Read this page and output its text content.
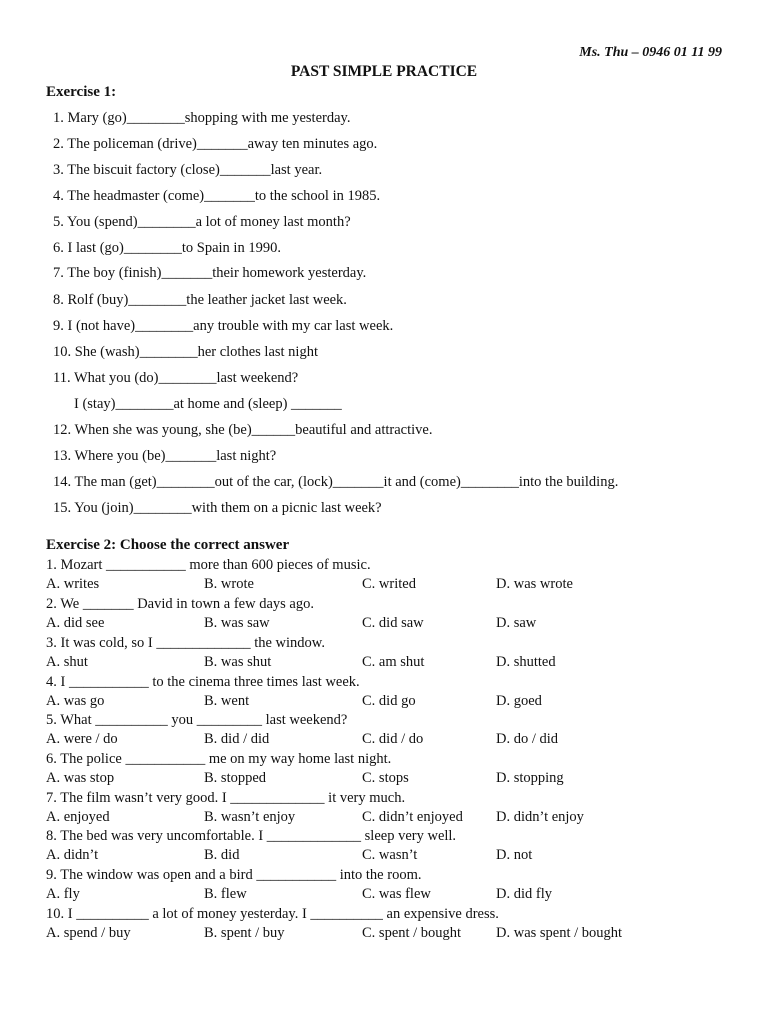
Ms. Thu – 0946 01 11 99
PAST SIMPLE PRACTICE
Exercise 1:
1. Mary (go)________shopping with me yesterday.
2. The policeman (drive)_______away ten minutes ago.
3. The biscuit factory (close)_______last year.
4. The headmaster (come)_______to the school in 1985.
5. You (spend)________a lot of money last month?
6. I last (go)________to Spain in 1990.
7. The boy (finish)_______their homework yesterday.
8. Rolf (buy)________the leather jacket last week.
9. I (not have)________any trouble with my car last week.
10. She (wash)________her clothes last night
11. What you (do)________last weekend?
I (stay)________at home and (sleep) _______
12. When she was young, she (be)______beautiful and attractive.
13. Where you (be)_______last night?
14. The man (get)________out of the car, (lock)_______it and (come)________into the building.
15. You (join)________with them on a picnic last week?
Exercise 2: Choose the correct answer
1. Mozart ___________ more than 600 pieces of music.
A. writes	B. wrote	C. writed	D. was wrote
2. We _______ David in town a few days ago.
A. did see	B. was saw	C. did saw	D. saw
3. It was cold, so I _____________ the window.
A. shut	B. was shut	C. am shut	D. shutted
4. I ___________ to the cinema three times last week.
A. was go	B. went	C. did go	D. goed
5. What __________ you _________ last weekend?
A. were / do	B. did / did	C. did / do	D. do / did
6. The police ___________ me on my way home last night.
A. was stop	B. stopped	C. stops	D. stopping
7. The film wasn’t very good. I _____________ it very much.
A. enjoyed	B. wasn’t enjoy	C. didn’t enjoyed D. didn’t enjoy
8. The bed was very uncomfortable. I _____________ sleep very well.
A. didn’t	B. did	C. wasn’t	D. not
9. The window was open and a bird ___________ into the room.
A. fly	B. flew	C. was flew	D. did fly
10. I __________ a lot of money yesterday. I __________ an expensive dress.
A. spend / buy	B. spent / buy	C. spent / bought D. was spent / bought
